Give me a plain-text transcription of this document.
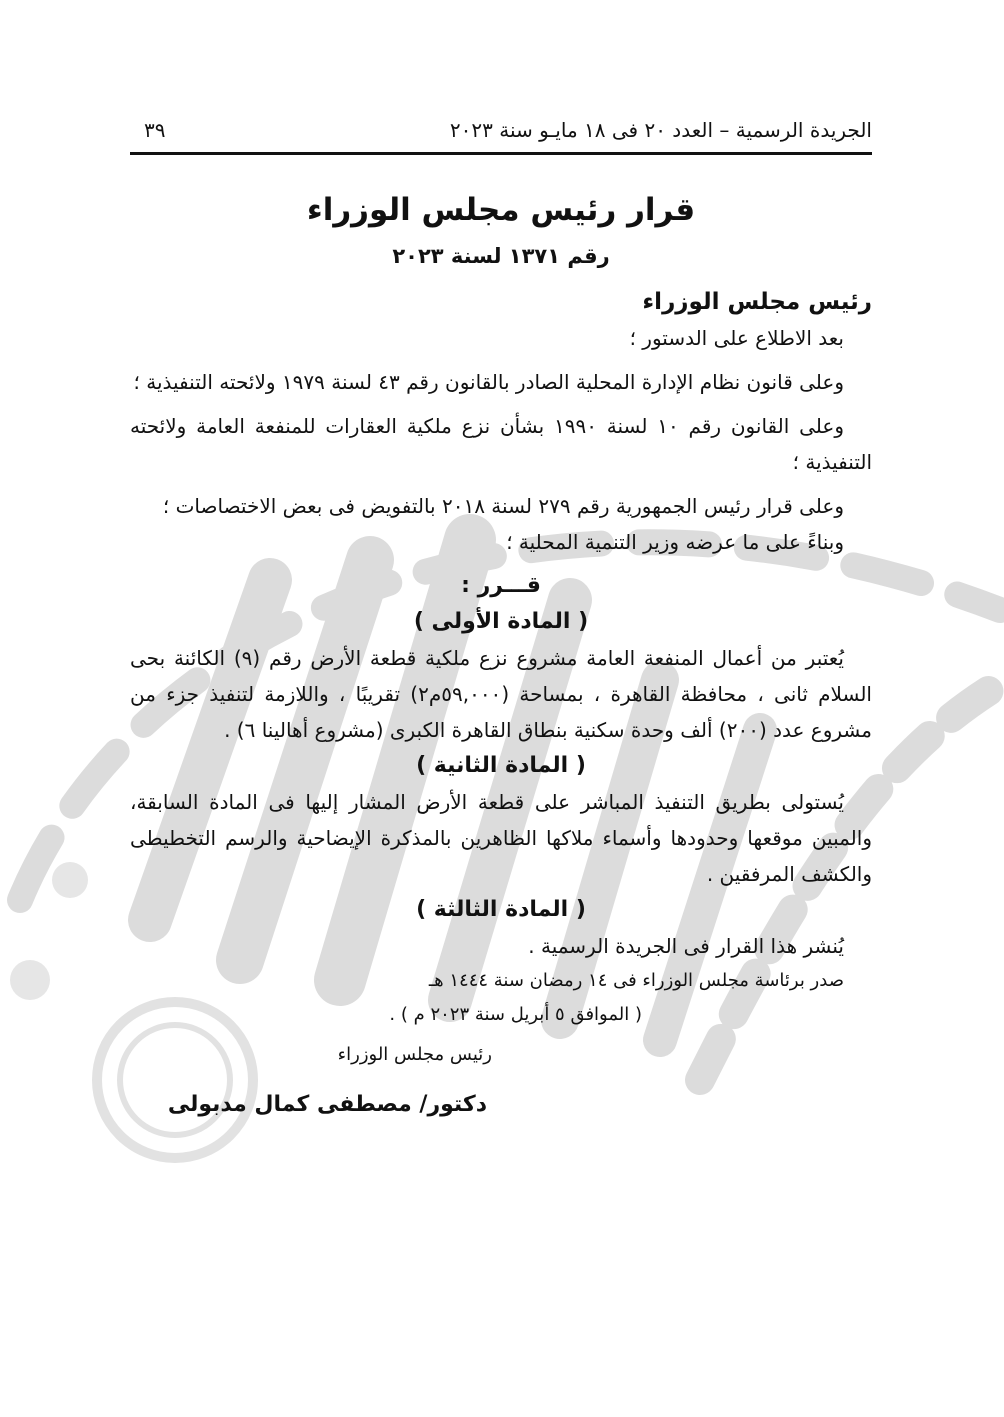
الجريدة الرسمية – العدد ٢٠ فى ١٨ مايـو سنة ٢٠٢٣
٣٩
قرار رئيس مجلس الوزراء
رقم ١٣٧١ لسنة ٢٠٢٣

رئيس مجلس الوزراء

بعد الاطلاع على الدستور ؛

وعلى قانون نظام الإدارة المحلية الصادر بالقانون رقم ٤٣ لسنة ١٩٧٩ ولائحته التنفيذية ؛

وعلى القانون رقم ١٠ لسنة ١٩٩٠ بشأن نزع ملكية العقارات للمنفعة العامة ولائحته التنفيذية ؛

وعلى قرار رئيس الجمهورية رقم ٢٧٩ لسنة ٢٠١٨ بالتفويض فى بعض الاختصاصات ؛

وبناءً على ما عرضه وزير التنمية المحلية ؛

قـــرر :

( المادة الأولى )

يُعتبر من أعمال المنفعة العامة مشروع نزع ملكية قطعة الأرض رقم (٩) الكائنة بحى السلام ثانى ، محافظة القاهرة ، بمساحة (٥٩,٠٠٠م٢) تقريبًا ، واللازمة لتنفيذ جزء من مشروع عدد (٢٠٠) ألف وحدة سكنية بنطاق القاهرة الكبرى (مشروع أهالينا ٦) .

( المادة الثانية )

يُستولى بطريق التنفيذ المباشر على قطعة الأرض المشار إليها فى المادة السابقة، والمبين موقعها وحدودها وأسماء ملاكها الظاهرين بالمذكرة الإيضاحية والرسم التخطيطى والكشف المرفقين .

( المادة الثالثة )

يُنشر هذا القرار فى الجريدة الرسمية .

صدر برئاسة مجلس الوزراء فى ١٤ رمضان سنة ١٤٤٤ هـ

( الموافق ٥ أبريل سنة ٢٠٢٣ م ) .

رئيس مجلس الوزراء

دكتور/ مصطفى كمال مدبولى
